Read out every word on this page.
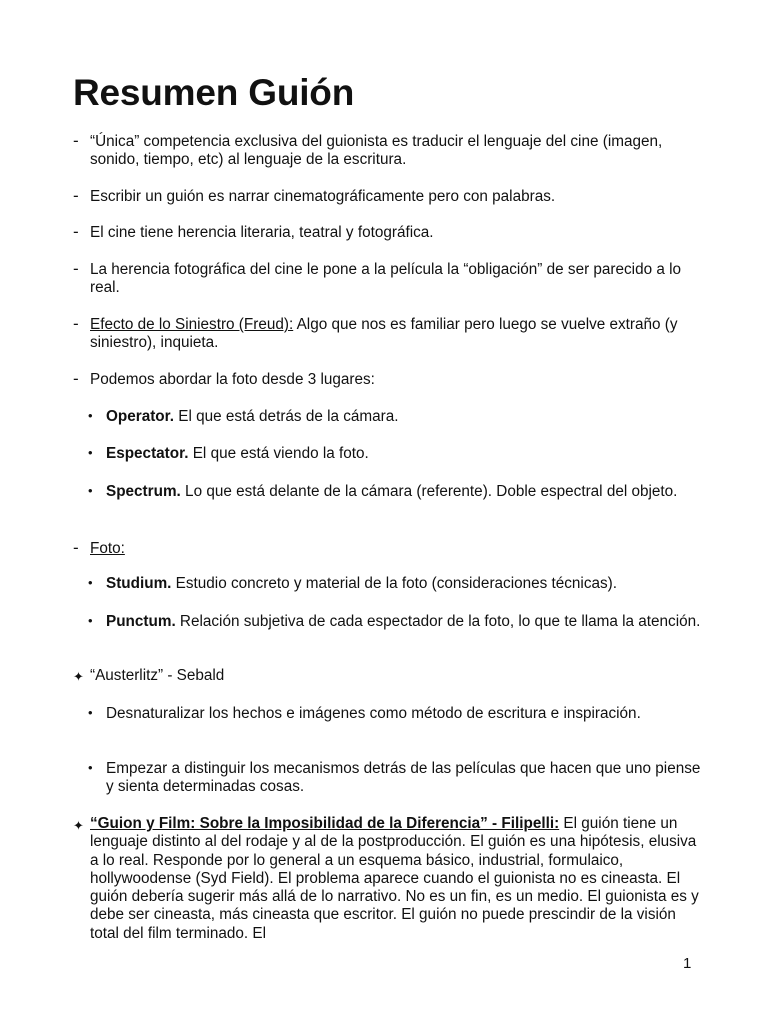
Resumen Guión
- “Única” competencia exclusiva del guionista es traducir el lenguaje del cine (imagen, sonido, tiempo, etc) al lenguaje de la escritura.
- Escribir un guión es narrar cinematográficamente pero con palabras.
- El cine tiene herencia literaria, teatral y fotográfica.
- La herencia fotográfica del cine le pone a la película la “obligación” de ser parecido a lo real.
- Efecto de lo Siniestro (Freud): Algo que nos es familiar pero luego se vuelve extraño (y siniestro), inquieta.
- Podemos abordar la foto desde 3 lugares:
• Operator. El que está detrás de la cámara.
• Espectator. El que está viendo la foto.
• Spectrum. Lo que está delante de la cámara (referente). Doble espectral del objeto.
- Foto:
• Studium. Estudio concreto y material de la foto (consideraciones técnicas).
• Punctum. Relación subjetiva de cada espectador de la foto, lo que te llama la atención.
✦ “Austerlitz” - Sebald
• Desnaturalizar los hechos e imágenes como método de escritura e inspiración.
• Empezar a distinguir los mecanismos detrás de las películas que hacen que uno piense y sienta determinadas cosas.
✦ “Guion y Film: Sobre la Imposibilidad de la Diferencia” - Filipelli: El guión tiene un lenguaje distinto al del rodaje y al de la postproducción. El guión es una hipótesis, elusiva a lo real. Responde por lo general a un esquema básico, industrial, formulaico, hollywoodense (Syd Field). El problema aparece cuando el guionista no es cineasta. El guión debería sugerir más allá de lo narrativo. No es un fin, es un medio. El guionista es y debe ser cineasta, más cineasta que escritor. El guión no puede prescindir de la visión total del film terminado. El
1
